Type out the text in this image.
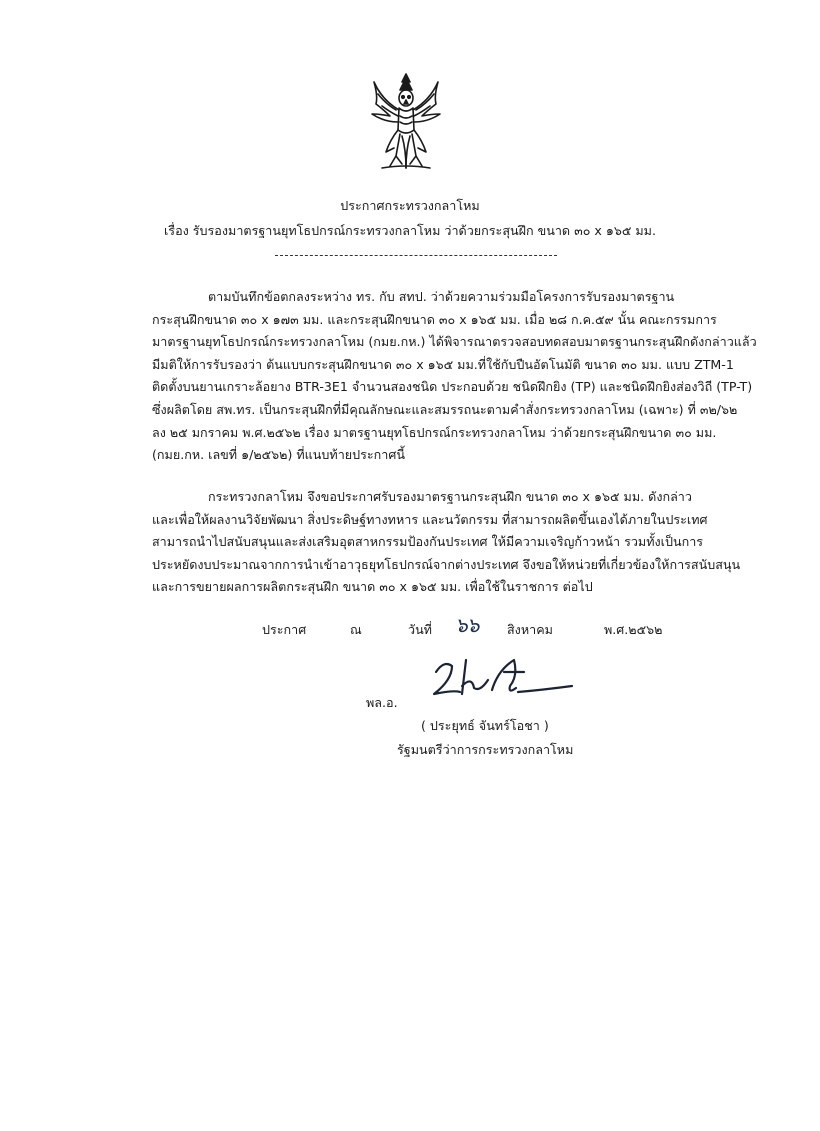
ประกาศกระทรวงกลาโหม
เรื่อง รับรองมาตรฐานยุทโธปกรณ์กระทรวงกลาโหม ว่าด้วยกระสุนฝึก ขนาด ๓๐ x ๑๖๕ มม.
ตามบันทึกข้อตกลงระหว่าง ทร. กับ สทป. ว่าด้วยความร่วมมือโครงการรับรองมาตรฐาน
กระสุนฝึกขนาด ๓๐ x ๑๗๓ มม. และกระสุนฝึกขนาด ๓๐ x ๑๖๕ มม. เมื่อ ๒๘ ก.ค.๕๙ นั้น คณะกรรมการ
มาตรฐานยุทโธปกรณ์กระทรวงกลาโหม (กมย.กห.) ได้พิจารณาตรวจสอบทดสอบมาตรฐานกระสุนฝึกดังกล่าวแล้ว
มีมติให้การรับรองว่า ต้นแบบกระสุนฝึกขนาด ๓๐ x ๑๖๕ มม.ที่ใช้กับปืนอัตโนมัติ ขนาด ๓๐ มม. แบบ ZTM-1
ติดตั้งบนยานเกราะล้อยาง BTR-3E1 จำนวนสองชนิด ประกอบด้วย ชนิดฝึกยิง (TP) และชนิดฝึกยิงส่องวิถี (TP-T)
ซึ่งผลิตโดย สพ.ทร. เป็นกระสุนฝึกที่มีคุณลักษณะและสมรรถนะตามคำสั่งกระทรวงกลาโหม (เฉพาะ) ที่ ๓๒/๖๒
ลง ๒๕ มกราคม พ.ศ.๒๕๖๒ เรื่อง มาตรฐานยุทโธปกรณ์กระทรวงกลาโหม ว่าด้วยกระสุนฝึกขนาด ๓๐ มม.
(กมย.กห. เลขที่ ๑/๒๕๖๒) ที่แนบท้ายประกาศนี้
กระทรวงกลาโหม จึงขอประกาศรับรองมาตรฐานกระสุนฝึก ขนาด ๓๐ x ๑๖๕ มม. ดังกล่าว
และเพื่อให้ผลงานวิจัยพัฒนา สิ่งประดิษฐ์ทางทหาร และนวัตกรรม ที่สามารถผลิตขึ้นเองได้ภายในประเทศ
สามารถนำไปสนับสนุนและส่งเสริมอุตสาหกรรมป้องกันประเทศ ให้มีความเจริญก้าวหน้า รวมทั้งเป็นการ
ประหยัดงบประมาณจากการนำเข้าอาวุธยุทโธปกรณ์จากต่างประเทศ จึงขอให้หน่วยที่เกี่ยวข้องให้การสนับสนุน
และการขยายผลการผลิตกระสุนฝึก ขนาด ๓๐ x ๑๖๕ มม. เพื่อใช้ในราชการ ต่อไป
ประกาศ	ณ	วันที่ ๖๖ สิงหาคม	พ.ศ.๒๕๖๒
พล.อ.
( ประยุทธ์ จันทร์โอชา )
รัฐมนตรีว่าการกระทรวงกลาโหม
